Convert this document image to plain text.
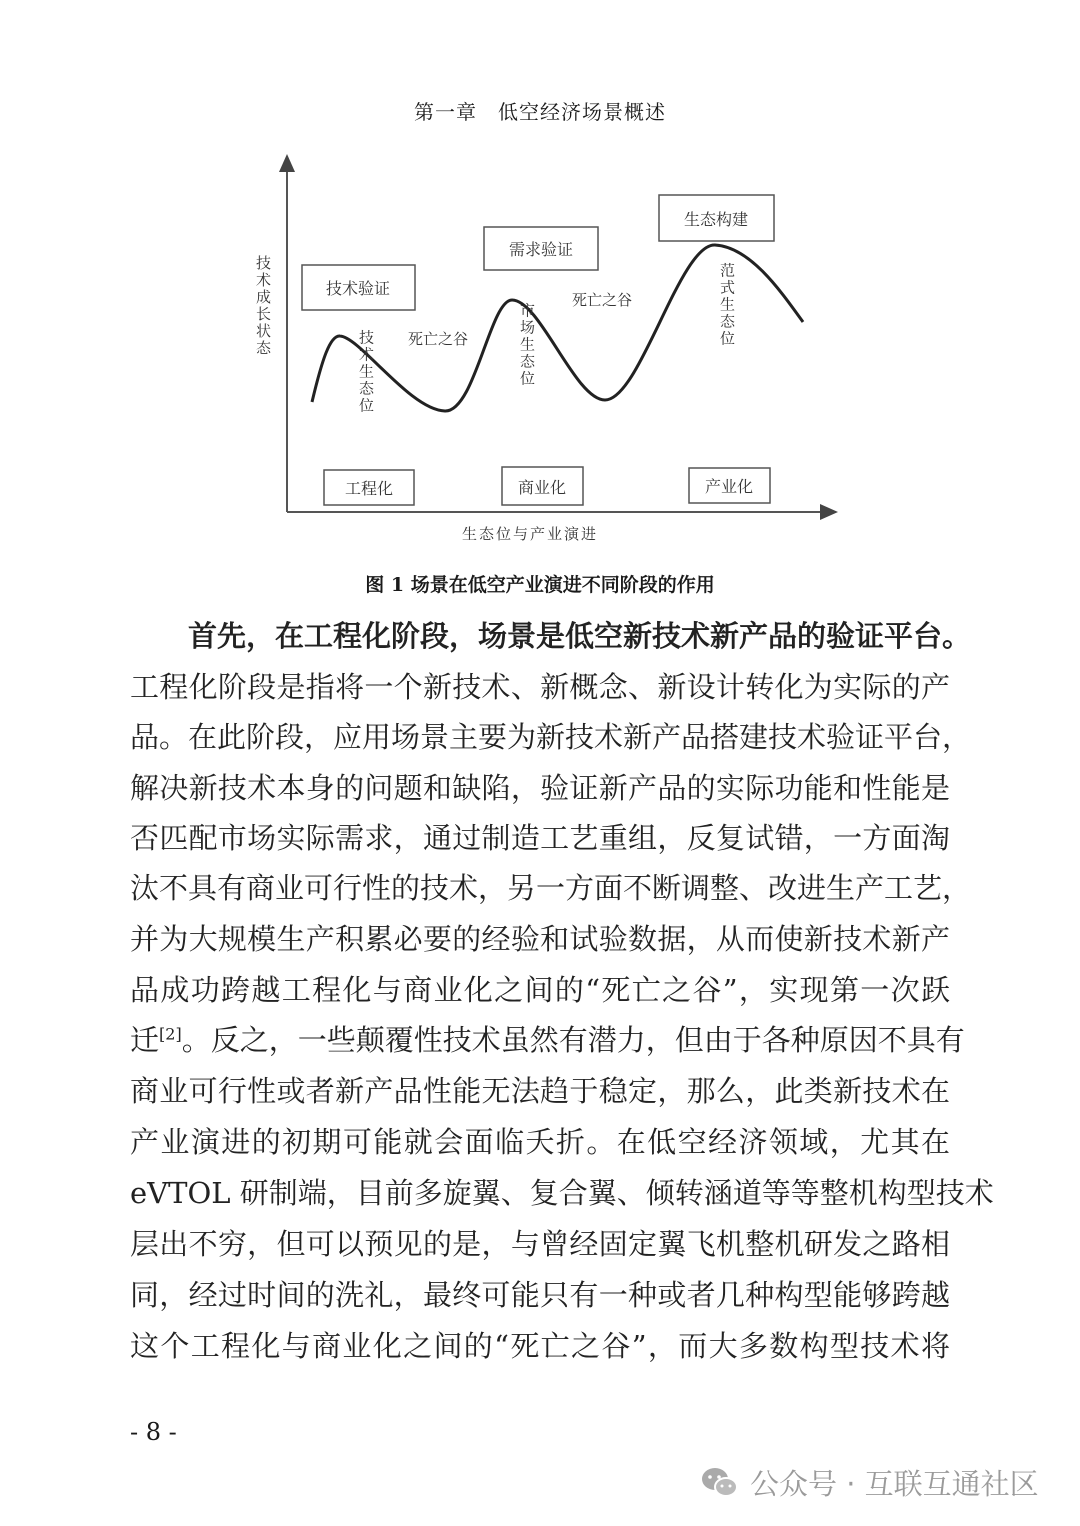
第一章　低空经济场景概述
技术验证
需求验证
生态构建
工程化	商业化	产业化
死亡之谷
死亡之谷
技术生态位	市场生态位	范式生态位
技术成长状态
生态位与产业演进
图 1 场景在低空产业演进不同阶段的作用
首先，在工程化阶段，场景是低空新技术新产品的验证平台。
工程化阶段是指将一个新技术、新概念、新设计转化为实际的产
品。在此阶段，应用场景主要为新技术新产品搭建技术验证平台，
解决新技术本身的问题和缺陷，验证新产品的实际功能和性能是
否匹配市场实际需求，通过制造工艺重组，反复试错，一方面淘
汰不具有商业可行性的技术，另一方面不断调整、改进生产工艺，
并为大规模生产积累必要的经验和试验数据，从而使新技术新产
品成功跨越工程化与商业化之间的“死亡之谷”，实现第一次跃
迁[2] 。反之，一些颠覆性技术虽然有潜力，但由于各种原因不具有
商业可行性或者新产品性能无法趋于稳定，那么，此类新技术在
产业演进的初期可能就会面临夭折。在低空经济领域，尤其在
eVTOL 研制端，目前多旋翼、复合翼、倾转涵道等等整机构型技术
层出不穷，但可以预见的是，与曾经固定翼飞机整机研发之路相
同，经过时间的洗礼，最终可能只有一种或者几种构型能够跨越
这个工程化与商业化之间的“死亡之谷”，而大多数构型技术将
- 8 -
公众号 · 互联互通社区
